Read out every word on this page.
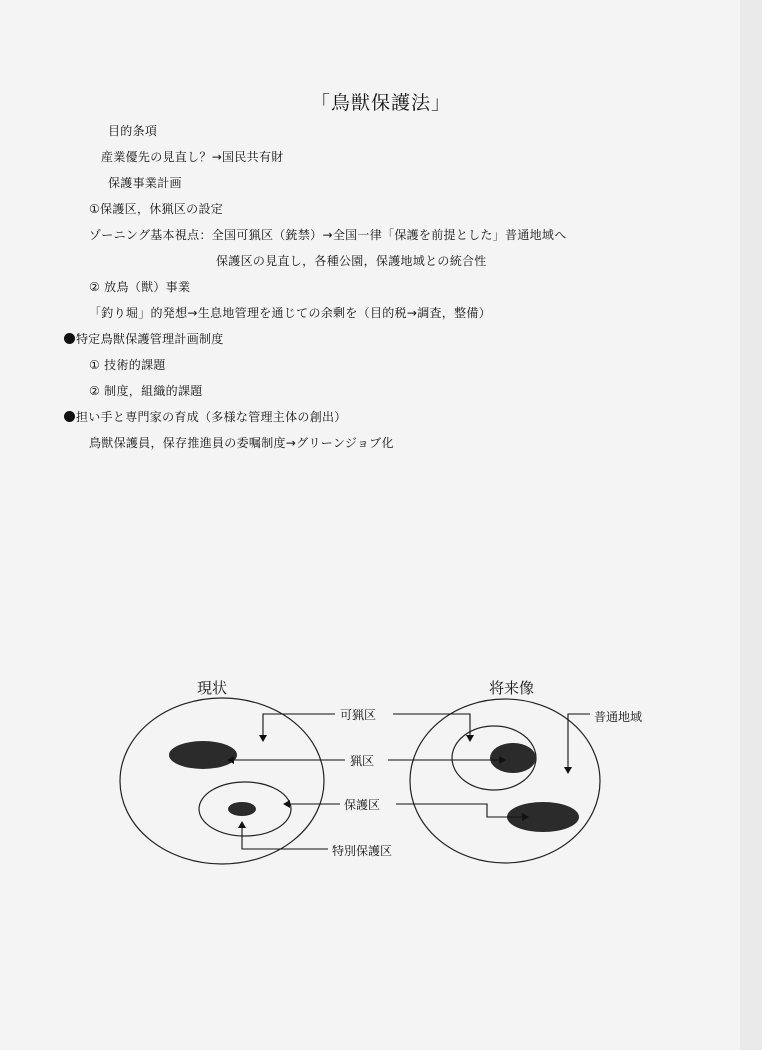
「鳥獣保護法」
目的条項
産業優先の見直し？→国民共有財
保護事業計画
①保護区，休猟区の設定
ゾーニング基本視点：全国可猟区（銃禁）→全国一律「保護を前提とした」普通地域へ
保護区の見直し，各種公園，保護地域との統合性
② 放鳥（獣）事業
「釣り堀」的発想→生息地管理を通じての余剰を（目的税→調査，整備）
特定鳥獣保護管理計画制度
① 技術的課題
② 制度，組織的課題
担い手と専門家の育成（多様な管理主体の創出）
鳥獣保護員，保存推進員の委嘱制度→グリーンジョブ化
現状	将来像
可猟区
猟区
保護区
特別保護区
普通地域
